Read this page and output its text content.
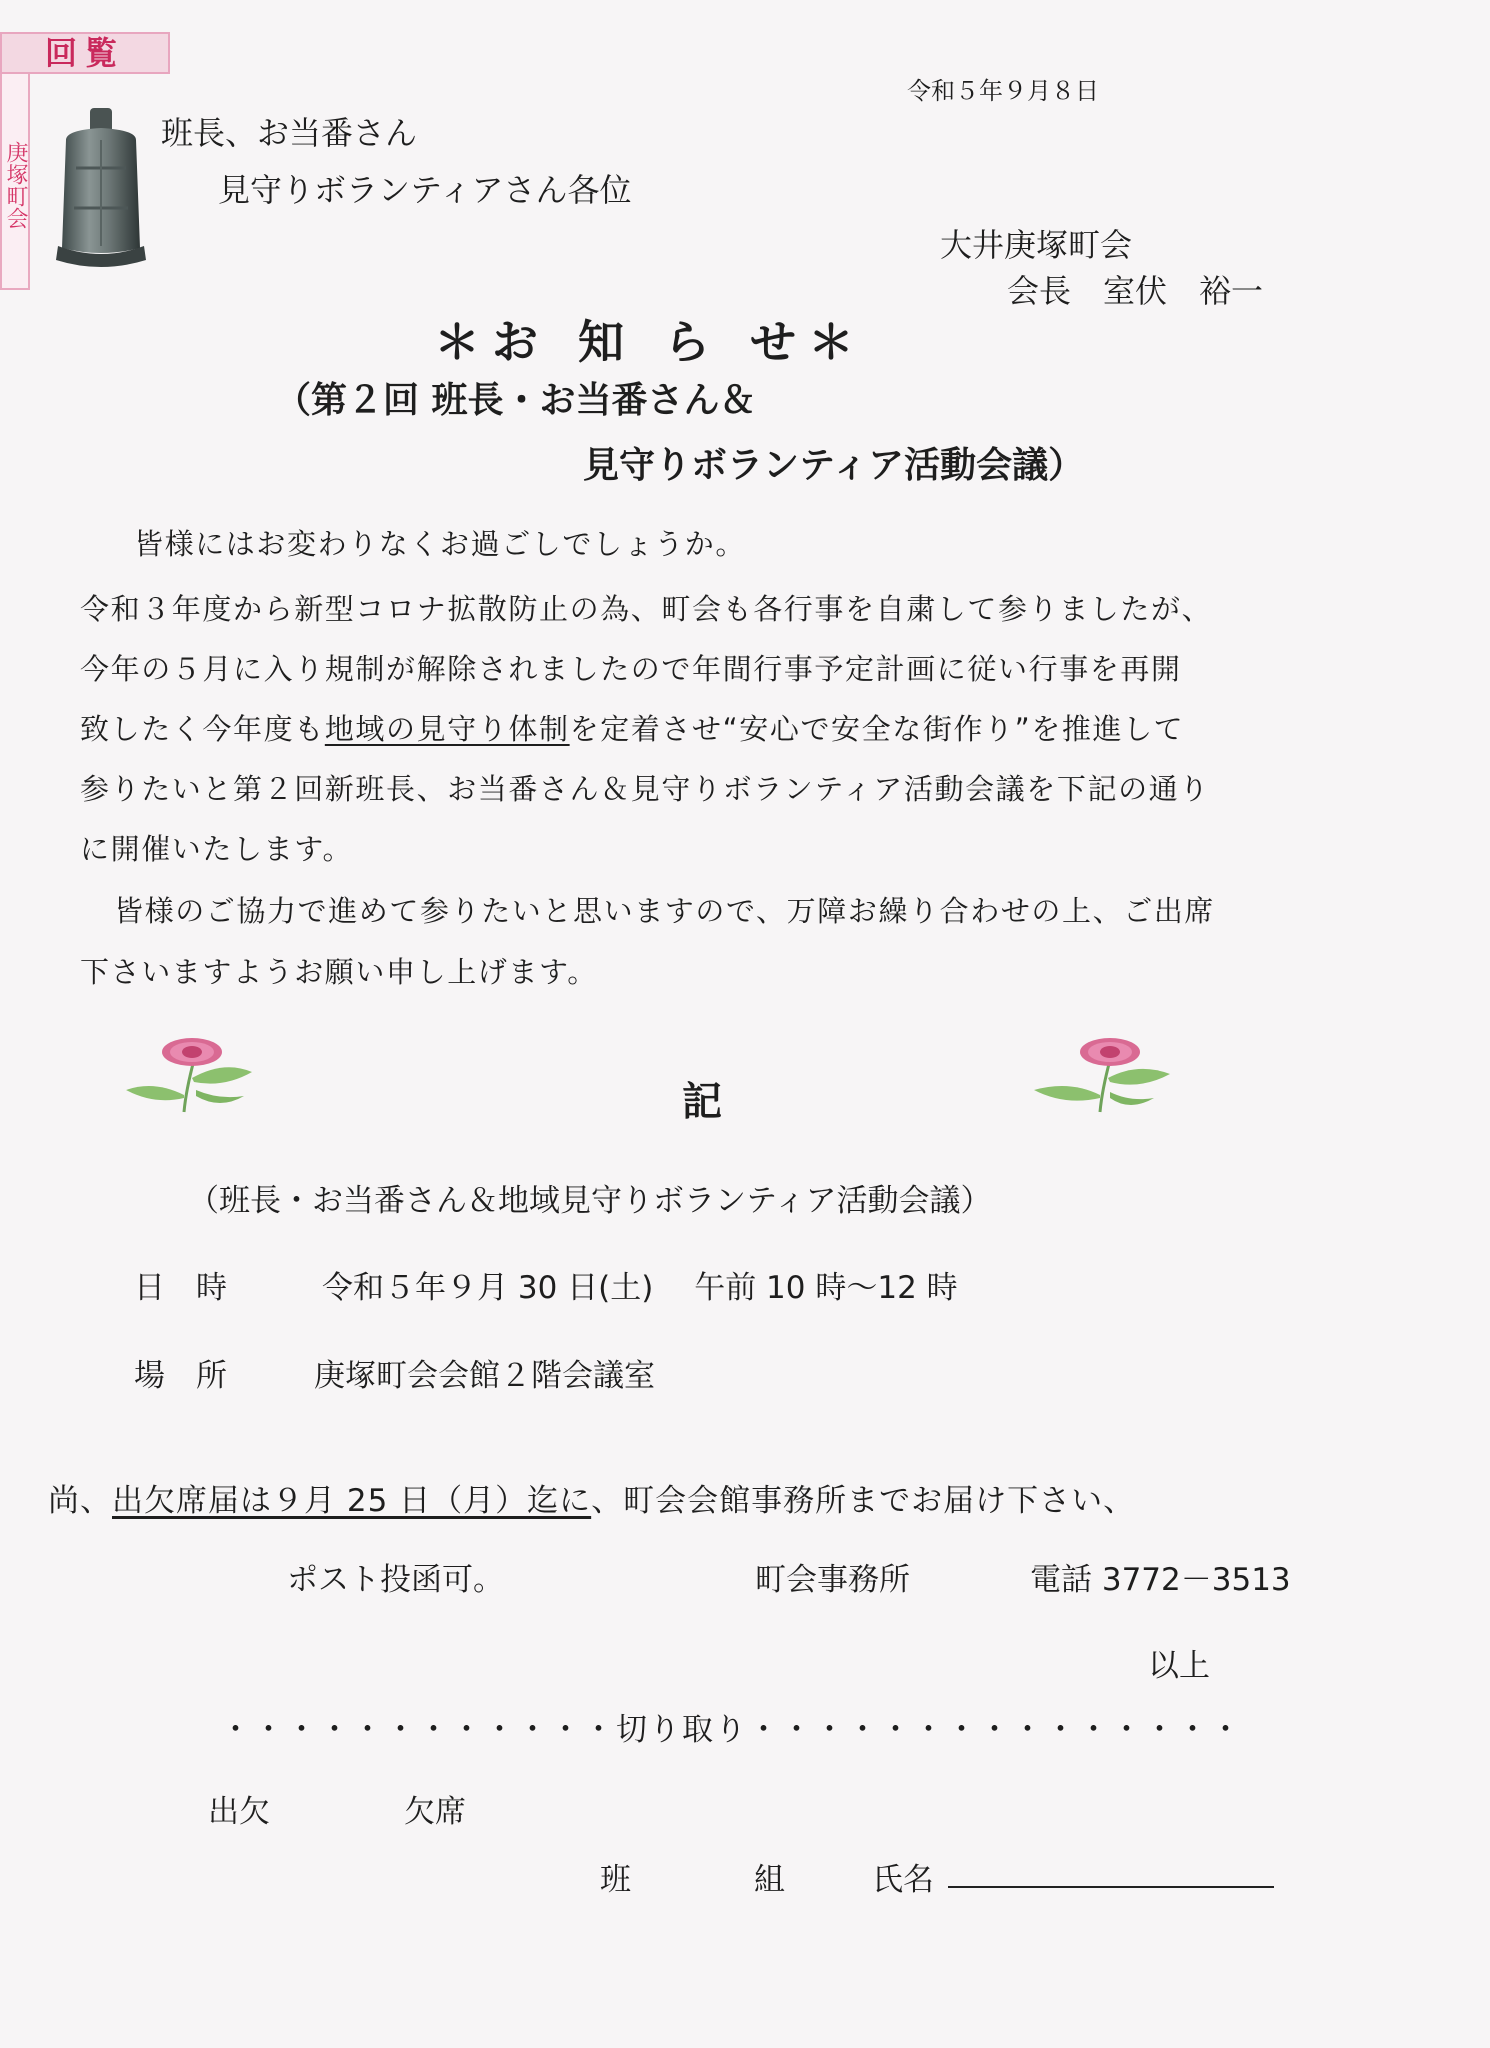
回覧
庚塚町会
令和５年９月８日
班長、お当番さん
見守りボランティアさん各位
大井庚塚町会
会長　室伏　裕一
＊お 知 ら せ＊
（第２回 班長・お当番さん＆
見守りボランティア活動会議）
皆様にはお変わりなくお過ごしでしょうか。
令和３年度から新型コロナ拡散防止の為、町会も各行事を自粛して参りましたが、
今年の５月に入り規制が解除されましたので年間行事予定計画に従い行事を再開
致したく今年度も地域の見守り体制を定着させ“安心で安全な街作り”を推進して
参りたいと第２回新班長、お当番さん＆見守りボランティア活動会議を下記の通り
に開催いたします。
皆様のご協力で進めて参りたいと思いますので、万障お繰り合わせの上、ご出席
下さいますようお願い申し上げます。
記
（班長・お当番さん＆地域見守りボランティア活動会議）
日　時	令和５年９月 30 日(土)　 午前 10 時～12 時
場　所	庚塚町会会館２階会議室
尚、出欠席届は９月 25 日（月）迄に、町会会館事務所までお届け下さい、
ポスト投函可。	町会事務所	電話 3772－3513
以上
・・・・・・・・・・・・切り取り・・・・・・・・・・・・・・・
出欠	欠席
班	組	氏名
